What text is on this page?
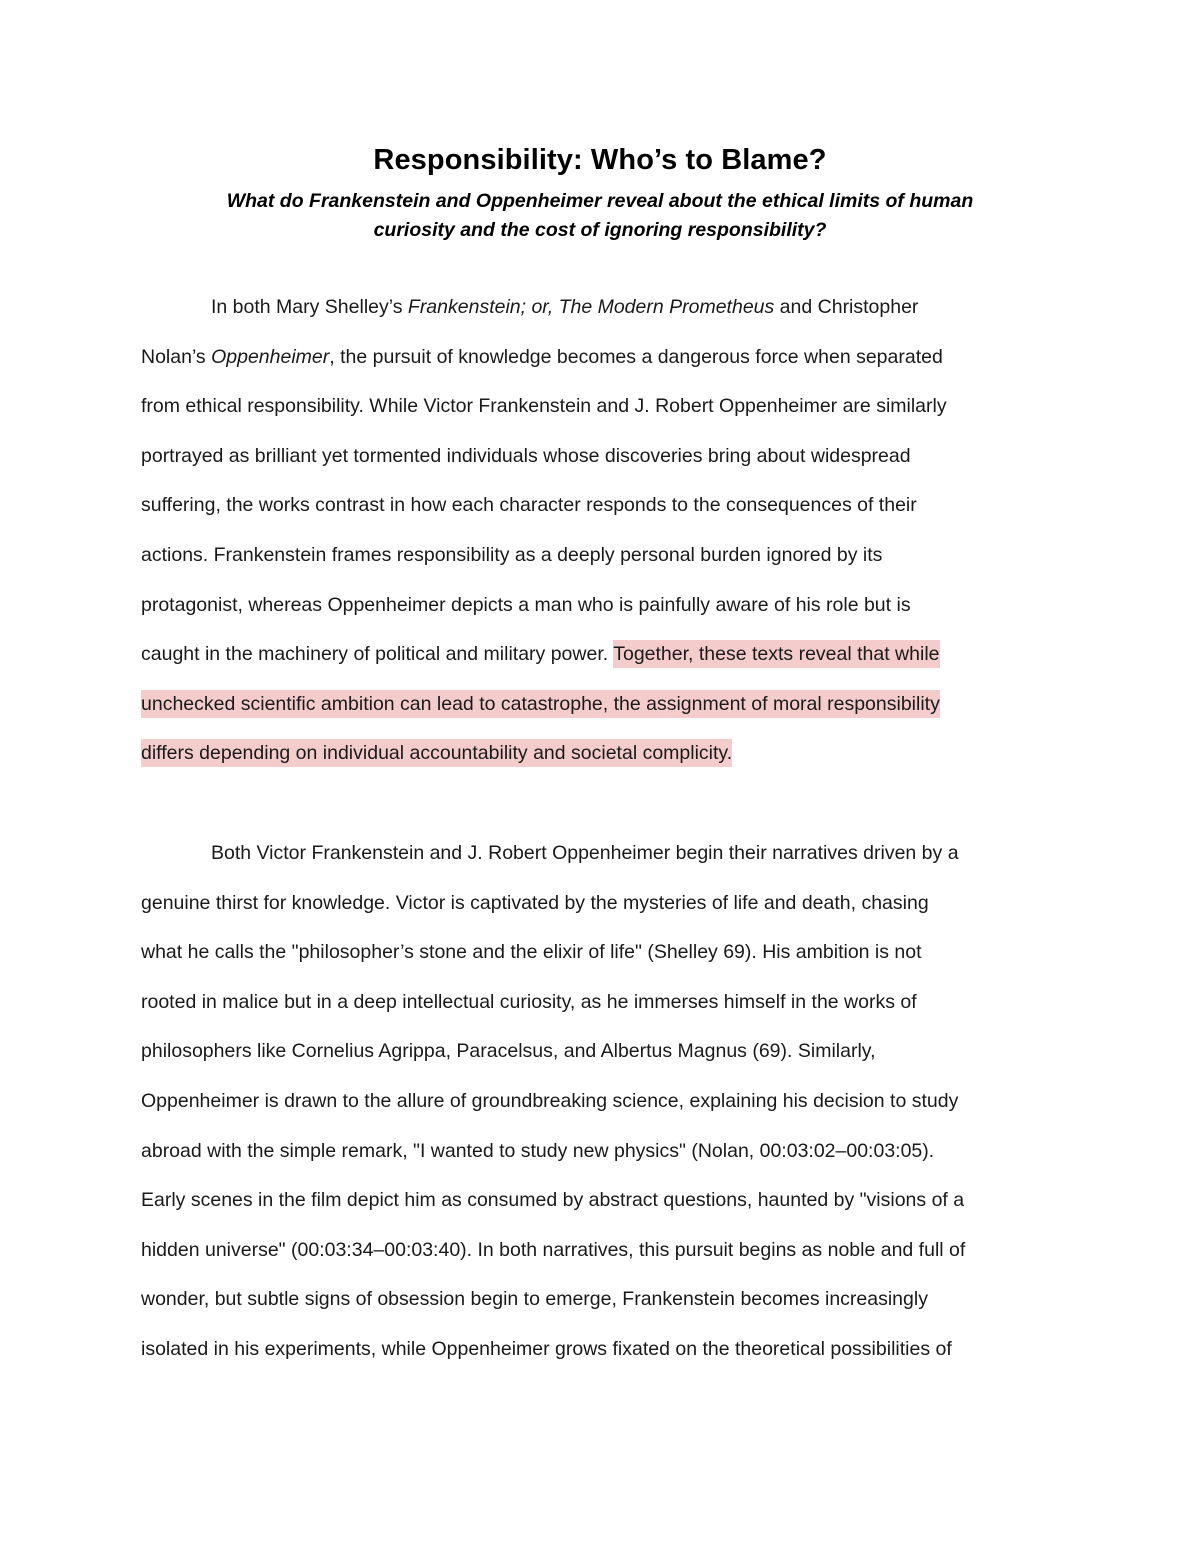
Responsibility: Who’s to Blame?
What do Frankenstein and Oppenheimer reveal about the ethical limits of human
curiosity and the cost of ignoring responsibility?
In both Mary Shelley’s Frankenstein; or, The Modern Prometheus and Christopher
Nolan’s Oppenheimer, the pursuit of knowledge becomes a dangerous force when separated
from ethical responsibility. While Victor Frankenstein and J. Robert Oppenheimer are similarly
portrayed as brilliant yet tormented individuals whose discoveries bring about widespread
suffering, the works contrast in how each character responds to the consequences of their
actions. Frankenstein frames responsibility as a deeply personal burden ignored by its
protagonist, whereas Oppenheimer depicts a man who is painfully aware of his role but is
caught in the machinery of political and military power. Together, these texts reveal that while
unchecked scientific ambition can lead to catastrophe, the assignment of moral responsibility
differs depending on individual accountability and societal complicity.
Both Victor Frankenstein and J. Robert Oppenheimer begin their narratives driven by a
genuine thirst for knowledge. Victor is captivated by the mysteries of life and death, chasing
what he calls the "philosopher’s stone and the elixir of life" (Shelley 69). His ambition is not
rooted in malice but in a deep intellectual curiosity, as he immerses himself in the works of
philosophers like Cornelius Agrippa, Paracelsus, and Albertus Magnus (69). Similarly,
Oppenheimer is drawn to the allure of groundbreaking science, explaining his decision to study
abroad with the simple remark, "I wanted to study new physics" (Nolan, 00:03:02–00:03:05).
Early scenes in the film depict him as consumed by abstract questions, haunted by "visions of a
hidden universe" (00:03:34–00:03:40). In both narratives, this pursuit begins as noble and full of
wonder, but subtle signs of obsession begin to emerge, Frankenstein becomes increasingly
isolated in his experiments, while Oppenheimer grows fixated on the theoretical possibilities of
